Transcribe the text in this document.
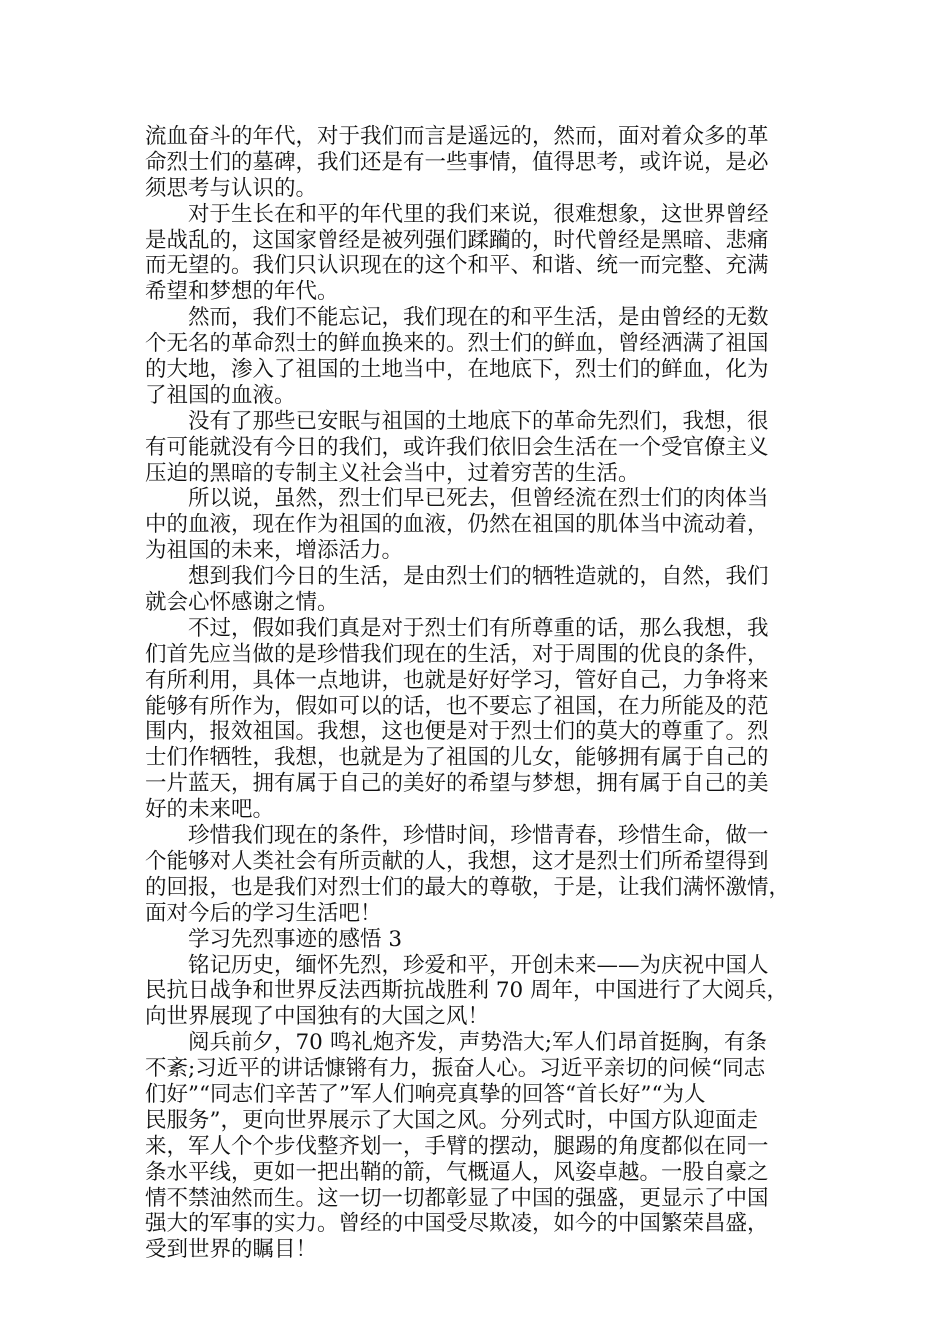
流血奋斗的年代，对于我们而言是遥远的，然而，面对着众多的革
命烈士们的墓碑，我们还是有一些事情，值得思考，或许说，是必
须思考与认识的。
　　对于生长在和平的年代里的我们来说，很难想象，这世界曾经
是战乱的，这国家曾经是被列强们蹂躏的，时代曾经是黑暗、悲痛
而无望的。我们只认识现在的这个和平、和谐、统一而完整、充满
希望和梦想的年代。
　　然而，我们不能忘记，我们现在的和平生活，是由曾经的无数
个无名的革命烈士的鲜血换来的。烈士们的鲜血，曾经洒满了祖国
的大地，渗入了祖国的土地当中，在地底下，烈士们的鲜血，化为
了祖国的血液。
　　没有了那些已安眠与祖国的土地底下的革命先烈们，我想，很
有可能就没有今日的我们，或许我们依旧会生活在一个受官僚主义
压迫的黑暗的专制主义社会当中，过着穷苦的生活。
　　所以说，虽然，烈士们早已死去，但曾经流在烈士们的肉体当
中的血液，现在作为祖国的血液，仍然在祖国的肌体当中流动着，
为祖国的未来，增添活力。
　　想到我们今日的生活，是由烈士们的牺牲造就的，自然，我们
就会心怀感谢之情。
　　不过，假如我们真是对于烈士们有所尊重的话，那么我想，我
们首先应当做的是珍惜我们现在的生活，对于周围的优良的条件，
有所利用，具体一点地讲，也就是好好学习，管好自己，力争将来
能够有所作为，假如可以的话，也不要忘了祖国，在力所能及的范
围内，报效祖国。我想，这也便是对于烈士们的莫大的尊重了。烈
士们作牺牲，我想，也就是为了祖国的儿女，能够拥有属于自己的
一片蓝天，拥有属于自己的美好的希望与梦想，拥有属于自己的美
好的未来吧。
　　珍惜我们现在的条件，珍惜时间，珍惜青春，珍惜生命，做一
个能够对人类社会有所贡献的人，我想，这才是烈士们所希望得到
的回报，也是我们对烈士们的最大的尊敬，于是，让我们满怀激情，
面对今后的学习生活吧！
　　学习先烈事迹的感悟 3
　　铭记历史，缅怀先烈，珍爱和平，开创未来——为庆祝中国人
民抗日战争和世界反法西斯抗战胜利 70 周年，中国进行了大阅兵，
向世界展现了中国独有的大国之风！
　　阅兵前夕，70 鸣礼炮齐发，声势浩大;军人们昂首挺胸，有条
不紊;习近平的讲话慷锵有力，振奋人心。习近平亲切的问候“同志
们好”“同志们辛苦了”军人们响亮真挚的回答“首长好”“为人
民服务”，更向世界展示了大国之风。分列式时，中国方队迎面走
来，军人个个步伐整齐划一，手臂的摆动，腿踢的角度都似在同一
条水平线，更如一把出鞘的箭，气概逼人，风姿卓越。一股自豪之
情不禁油然而生。这一切一切都彰显了中国的强盛，更显示了中国
强大的军事的实力。曾经的中国受尽欺凌，如今的中国繁荣昌盛，
受到世界的瞩目！
